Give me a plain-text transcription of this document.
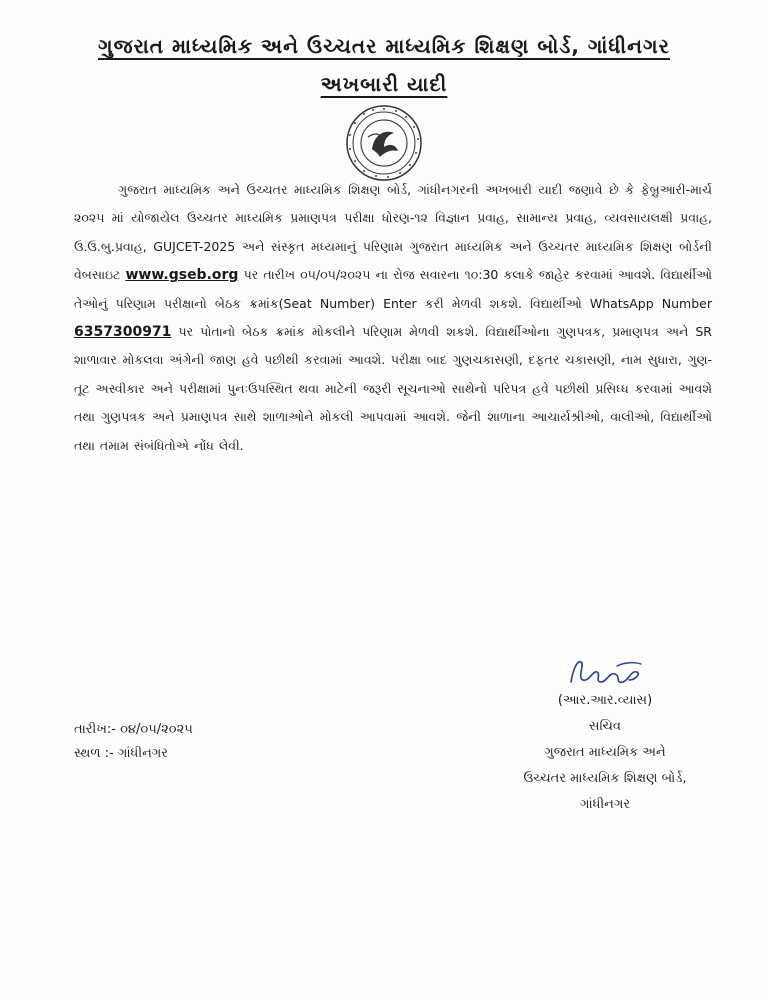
ગુજરાત માધ્યમિક અને ઉચ્ચતર માધ્યમિક શિક્ષણ બોર્ડ, ગાંધીનગર
અખબારી યાદી
ગુજરાત માધ્યમિક અને ઉચ્ચતર માધ્યમિક શિક્ષણ બોર્ડ, ગાંધીનગરની અખબારી યાદી જણાવે છે કે ફેબ્રુઆરી-માર્ચ ૨૦૨૫ માં યોજાયેલ ઉચ્ચતર માધ્યમિક પ્રમાણપત્ર પરીક્ષા ધોરણ-૧૨ વિજ્ઞાન પ્રવાહ, સામાન્ય પ્રવાહ, વ્યવસાયલક્ષી પ્રવાહ, ઉ.ઉ.બુ.પ્રવાહ, GUJCET-2025 અને સંસ્કૃત મધ્યમાનું પરિણામ ગુજરાત માધ્યમિક અને ઉચ્ચતર માધ્યમિક શિક્ષણ બોર્ડની વેબસાઇટ www.gseb.org પર તારીખ ૦૫/૦૫/૨૦૨૫ ના રોજ સવારના ૧૦:30 કલાકે જાહેર કરવામાં આવશે. વિદ્યાર્થીઓ તેઓનું પરિણામ પરીક્ષાનો બેઠક ક્રમાંક(Seat Number) Enter કરી મેળવી શકશે. વિદ્યાર્થીઓ WhatsApp Number 6357300971 પર પોતાનો બેઠક ક્રમાંક મોકલીને પરિણામ મેળવી શકશે. વિદ્યાર્થીઓના ગુણપત્રક, પ્રમાણપત્ર અને SR શાળાવાર મોકલવા અંગેની જાણ હવે પછીથી કરવામાં આવશે. પરીક્ષા બાદ ગુણચકાસણી, દફતર ચકાસણી, નામ સુધારા, ગુણ-તૂટ અસ્વીકાર અને પરીક્ષામાં પુનઃઉપસ્થિત થવા માટેની જરૂરી સૂચનાઓ સાથેનો પરિપત્ર હવે પછીથી પ્રસિધ્ધ કરવામાં આવશે તથા ગુણપત્રક અને પ્રમાણપત્ર સાથે શાળાઓને મોકલી આપવામાં આવશે. જેની શાળાના આચાર્યશ્રીઓ, વાલીઓ, વિદ્યાર્થીઓ તથા તમામ સંબંધિતોએ નોંધ લેવી.
(આર.આર.વ્યાસ)
સચિવ
ગુજરાત માધ્યમિક અને
ઉચ્ચતર માધ્યમિક શિક્ષણ બોર્ડ,
ગાંધીનગર
તારીખ:- ૦૪/૦૫/૨૦૨૫
સ્થળ :- ગાંધીનગર
